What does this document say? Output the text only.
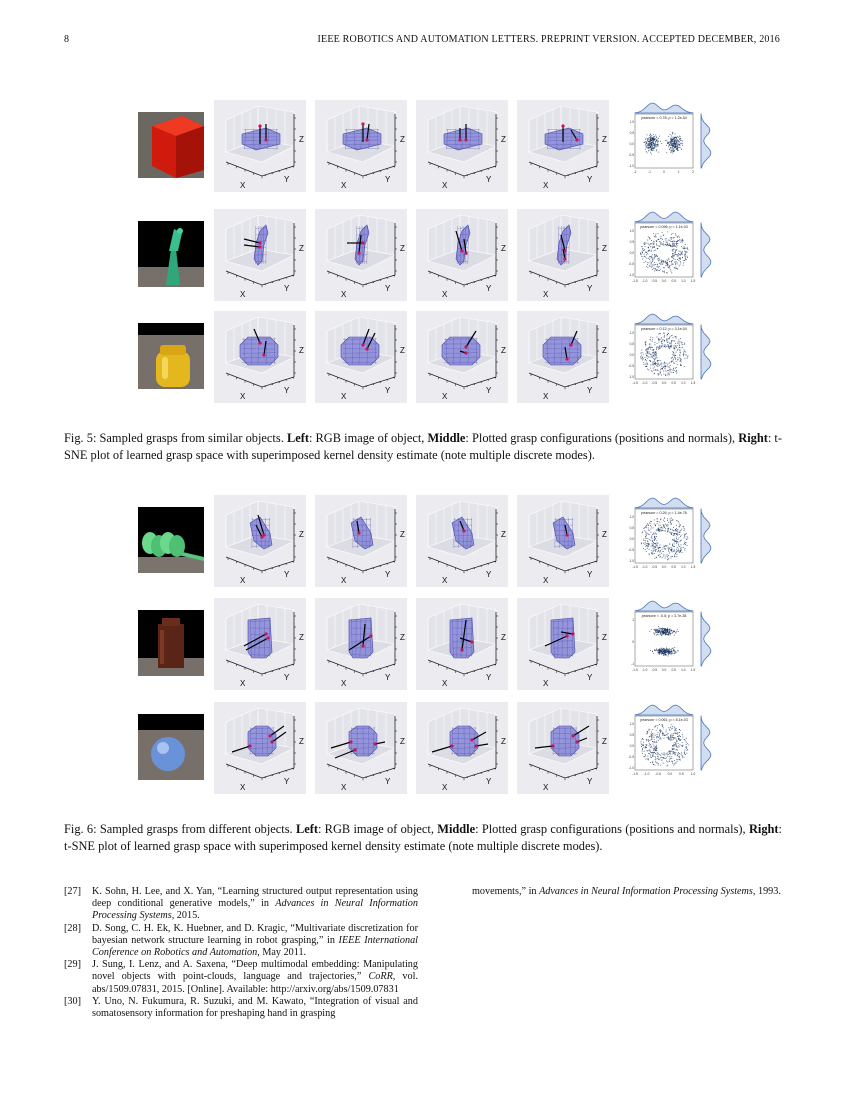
8	IEEE ROBOTICS AND AUTOMATION LETTERS. PREPRINT VERSION. ACCEPTED DECEMBER, 2016
X
Y
Z
X
Y
Z
X
Y
Z
X
Y
Z
pearsonr = 0.78; p = 1.2e-54
-2	-1	0	1	2
1.0
0.5
0.0
-0.5
-1.0
X
Y
Z
X
Y
Z
X
Y
Z
X
Y
Z
pearsonr = 0.096; p = 1.1e-03
-1.5 -1.0 -0.5 0.0 0.5 1.0 1.5
1.0
0.5
0.0
-0.5
-1.0
X
Y
Z
X
Y
Z
X
Y
Z
X
Y
Z
pearsonr = 0.12; p = 3.1e-04
-1.5 -1.0 -0.5 0.0 0.5 1.0 1.5
1.0
0.5
0.0
-0.5
-1.0
Fig. 5: Sampled grasps from similar objects. Left: RGB image of object, Middle: Plotted grasp configurations (positions and normals), Right: t-SNE plot of learned grasp space with superimposed kernel density estimate (note multiple discrete modes).
X
Y
Z
X
Y
Z
X
Y
Z
X
Y
Z
pearsonr = 0.26; p = 1.4e-76
-1.5 -1.0 -0.5 0.0 0.5 1.0 1.5
1.0
0.5
0.0
-0.5
-1.0
X
Y
Z
X
Y
Z
X
Y
Z
X
Y
Z
pearsonr = -0.5; p = 3.7e-38
-1.5 -1.0 -0.5 0.0 0.5 1.0 1.5
1
0
-1
X
Y
Z
X
Y
Z
X
Y
Z
X
Y
Z
pearsonr = 0.061; p = 8.1e-03
-1.5 -1.0 -0.5 0.0 0.5 1.0
1.0
0.5
0.0
-0.5
-1.0
Fig. 6: Sampled grasps from different objects. Left: RGB image of object, Middle: Plotted grasp configurations (positions and normals), Right: t-SNE plot of learned grasp space with superimposed kernel density estimate (note multiple discrete modes).
[27] K. Sohn, H. Lee, and X. Yan, “Learning structured output representation using deep conditional generative models,” in Advances in Neural Information Processing Systems, 2015.
[28] D. Song, C. H. Ek, K. Huebner, and D. Kragic, “Multivariate discretization for bayesian network structure learning in robot grasping,” in IEEE International Conference on Robotics and Automation, May 2011.
[29] J. Sung, I. Lenz, and A. Saxena, “Deep multimodal embedding: Manipulating novel objects with point-clouds, language and trajectories,” CoRR, vol. abs/1509.07831, 2015. [Online]. Available: http://arxiv.org/abs/1509.07831
[30] Y. Uno, N. Fukumura, R. Suzuki, and M. Kawato, “Integration of visual and somatosensory information for preshaping hand in grasping
movements,” in Advances in Neural Information Processing Systems, 1993.
